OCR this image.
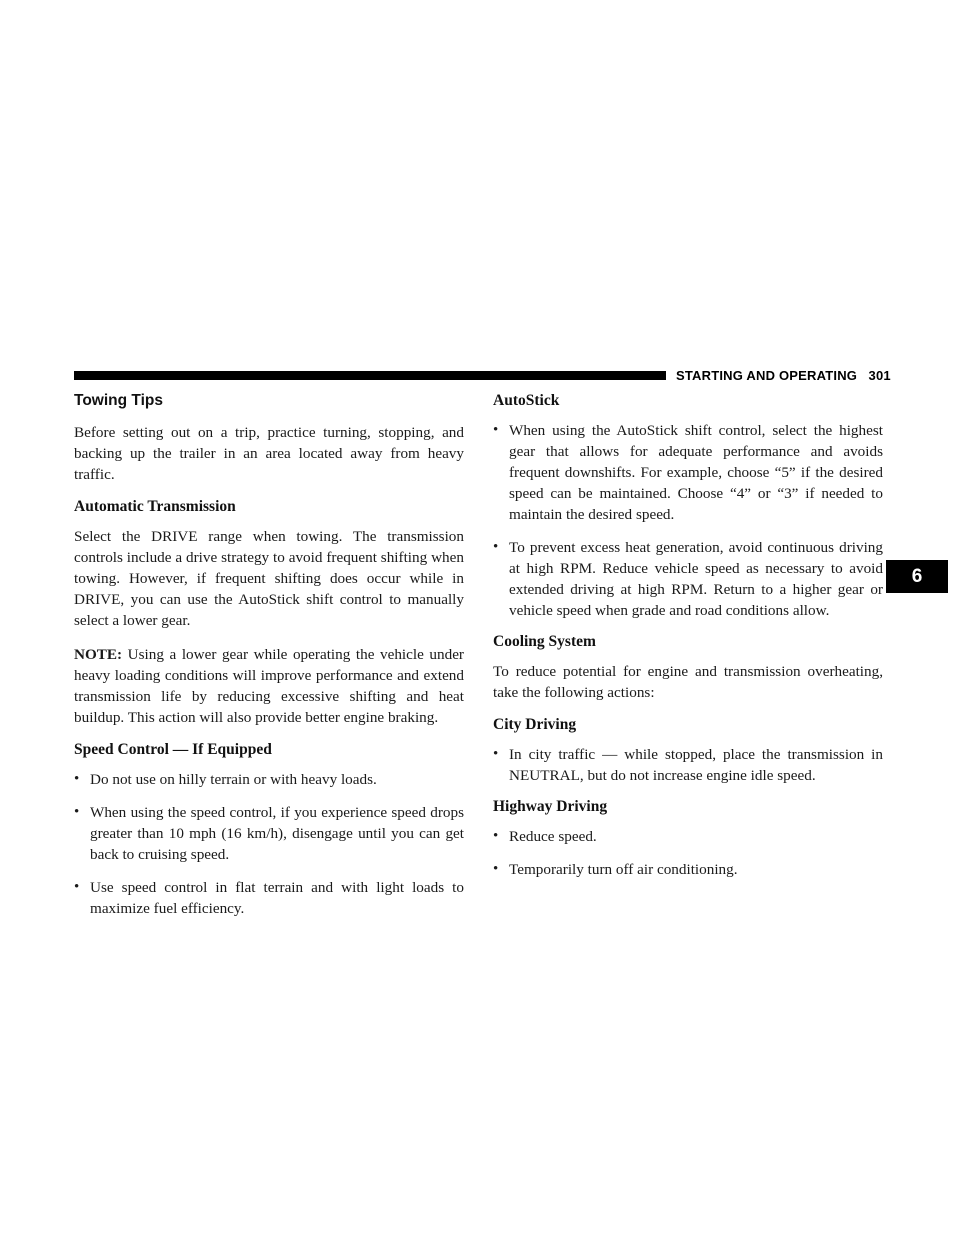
STARTING AND OPERATING 301
6
Towing Tips

Before setting out on a trip, practice turning, stopping, and backing up the trailer in an area located away from heavy traffic.

Automatic Transmission

Select the DRIVE range when towing. The transmission controls include a drive strategy to avoid frequent shifting when towing. However, if frequent shifting does occur while in DRIVE, you can use the AutoStick shift control to manually select a lower gear.

NOTE: Using a lower gear while operating the vehicle under heavy loading conditions will improve performance and extend transmission life by reducing excessive shifting and heat buildup. This action will also provide better engine braking.

Speed Control — If Equipped
• Do not use on hilly terrain or with heavy loads.
• When using the speed control, if you experience speed drops greater than 10 mph (16 km/h), disengage until you can get back to cruising speed.
• Use speed control in flat terrain and with light loads to maximize fuel efficiency.
AutoStick
• When using the AutoStick shift control, select the highest gear that allows for adequate performance and avoids frequent downshifts. For example, choose “5” if the desired speed can be maintained. Choose “4” or “3” if needed to maintain the desired speed.
• To prevent excess heat generation, avoid continuous driving at high RPM. Reduce vehicle speed as necessary to avoid extended driving at high RPM. Return to a higher gear or vehicle speed when grade and road conditions allow.
Cooling System

To reduce potential for engine and transmission overheating, take the following actions:

City Driving
• In city traffic — while stopped, place the transmission in NEUTRAL, but do not increase engine idle speed.
Highway Driving
• Reduce speed.
• Temporarily turn off air conditioning.
